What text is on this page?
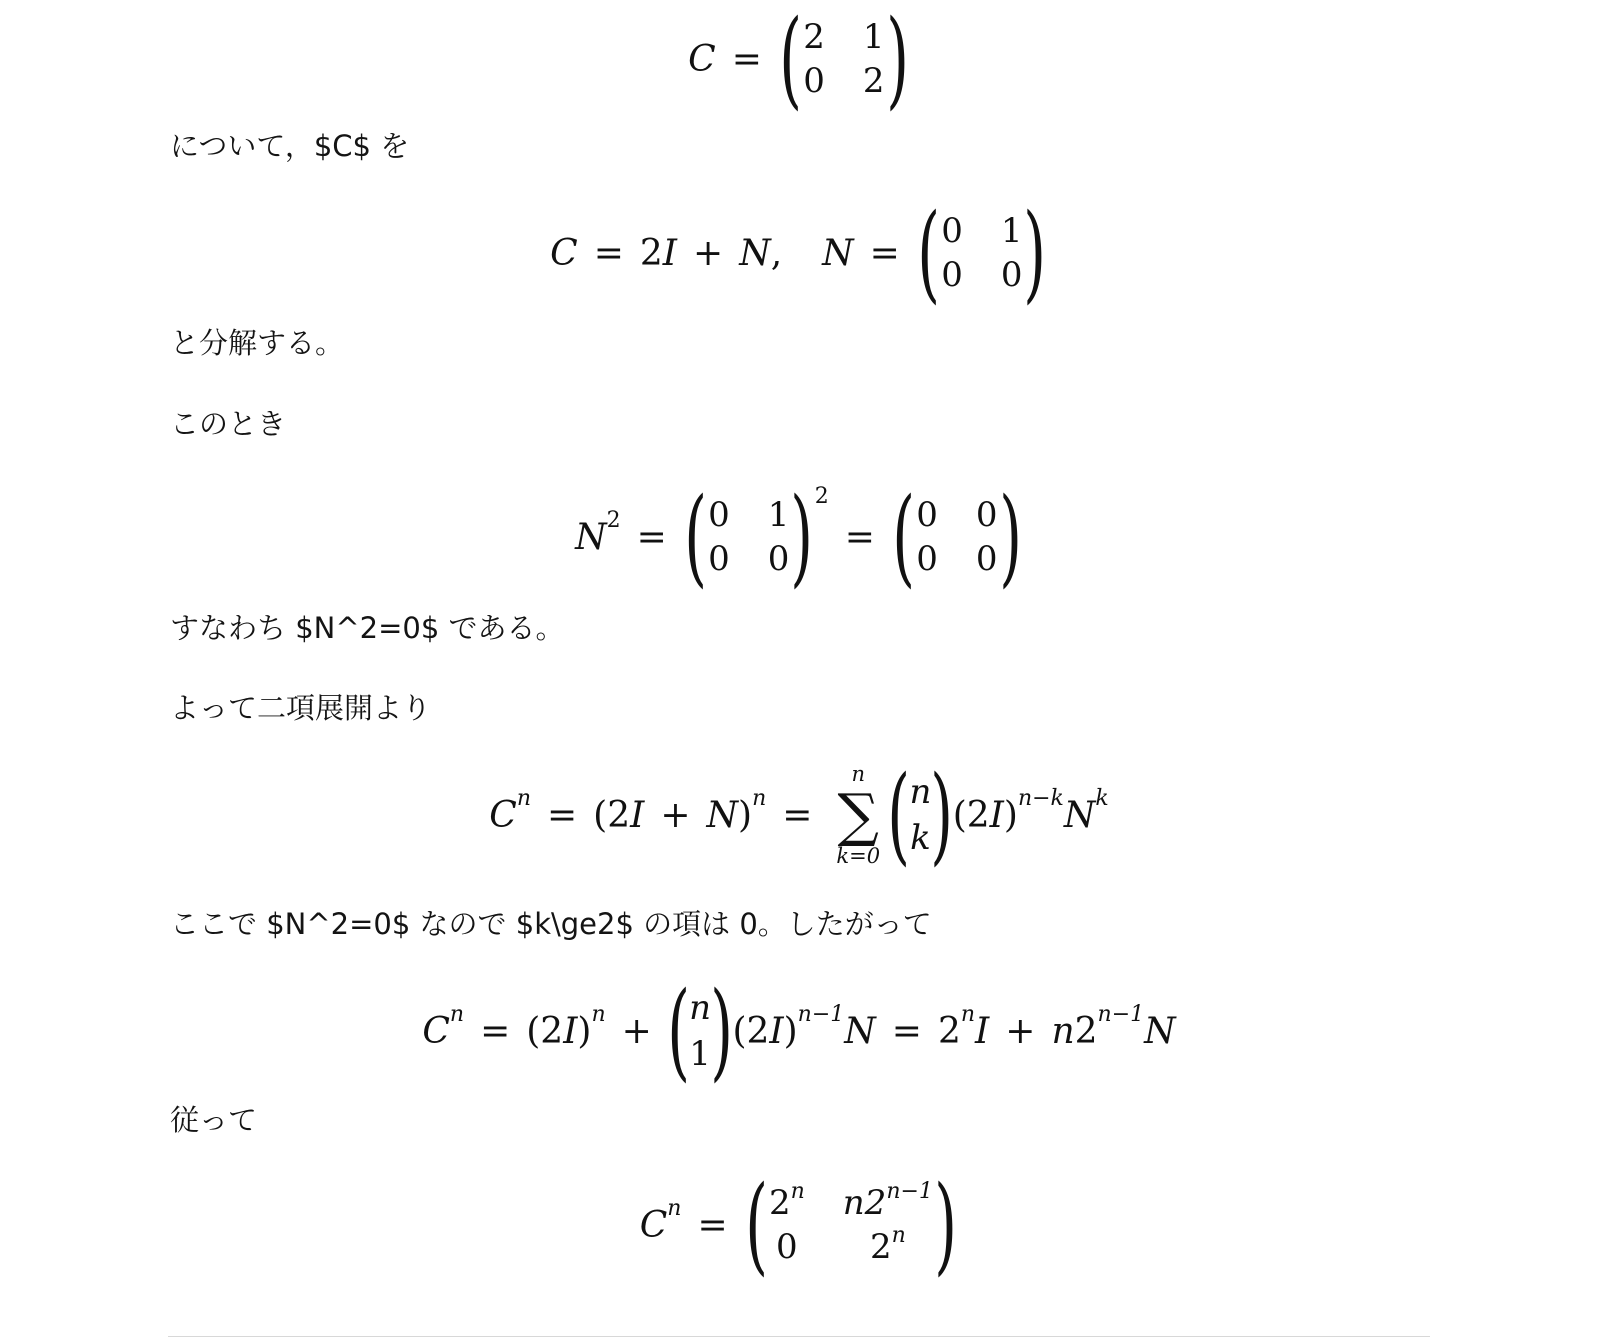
C = ( 2 1
0 2 )
について，$C$ を
C = 2 I + N , N = ( 0 1
0 0 )
と分解する。
このとき
$N^2$ = ( 0 1
0 0 )$^2$
= ( 0 0
0 0 )
すなわち $N^2=0$ である。
よって二項展開より
$C^n$ = ( 2 I + N )$^n$ =
n
∑
k=0 ( n
k ) ( 2 I )$^{n-k}$ $N^k$
ここで $N^2=0$ なので $k\ge2$ の項は 0。したがって
$C^n$ = ( 2 I )$^n$ + ( n
1 ) ( 2 I )$^{n-1}$ $N = 2^n$ I + n $2^{n-1}$ N
従って
$C^n$ = ( 2$^n$ $n2^{n-1}$
0	2$^n$ )
